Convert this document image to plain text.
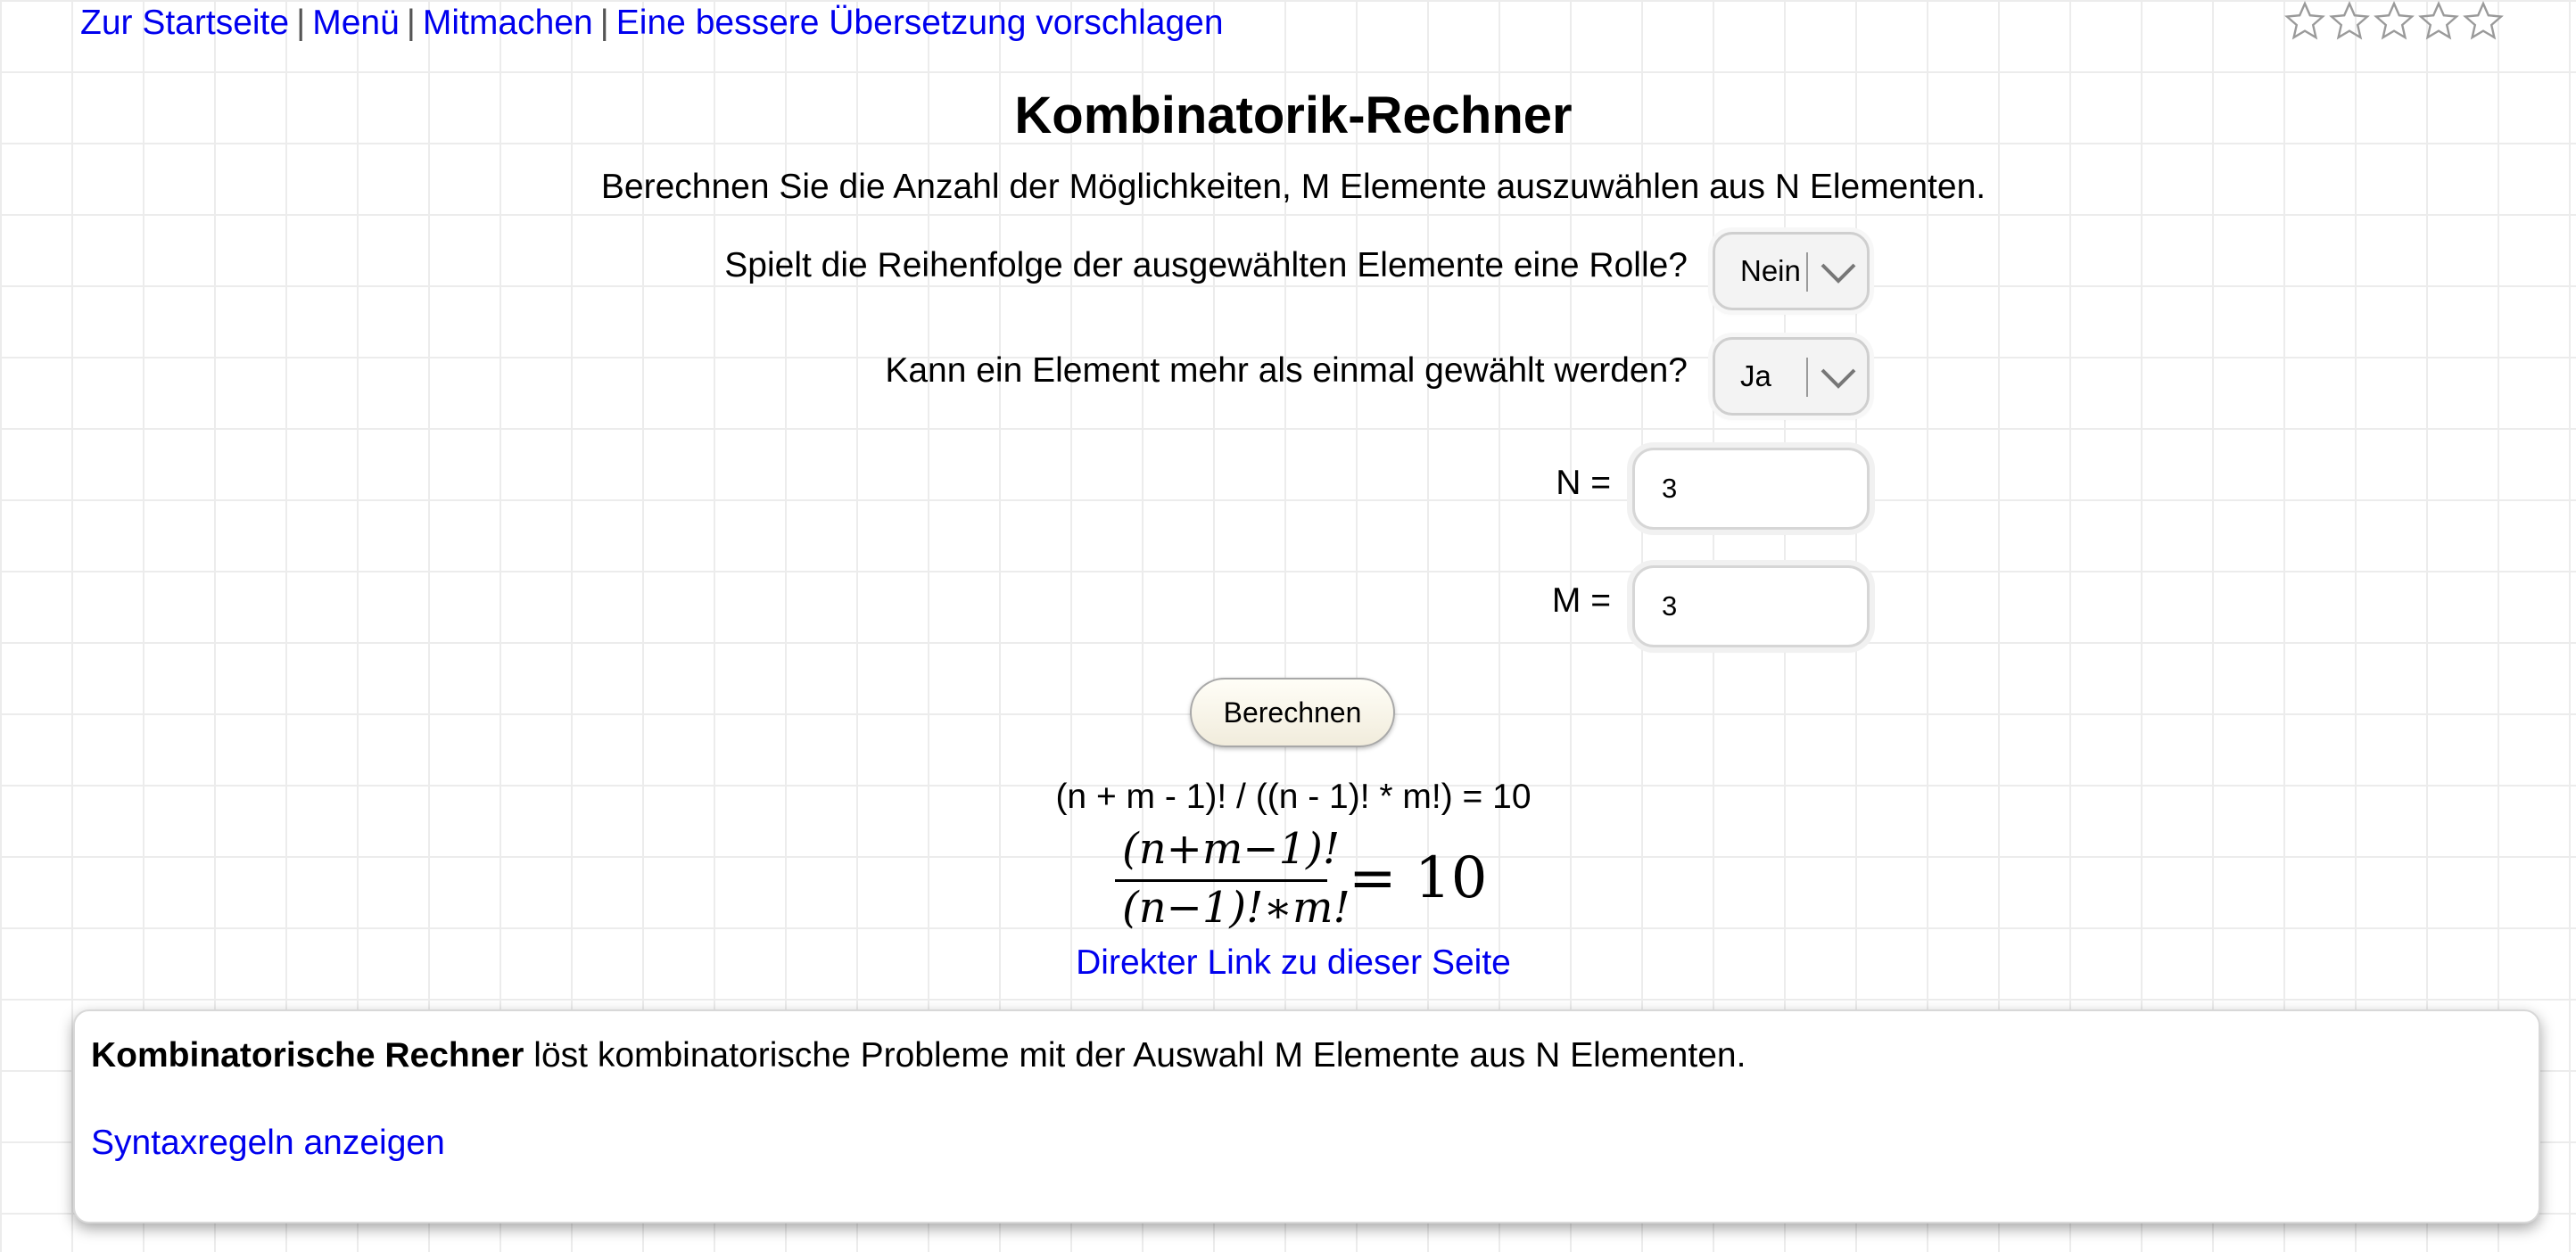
Zur Startseite | Menü | Mitmachen | Eine bessere Übersetzung vorschlagen
Kombinatorik-Rechner
Berechnen Sie die Anzahl der Möglichkeiten, M Elemente auszuwählen aus N Elementen.
Spielt die Reihenfolge der ausgewählten Elemente eine Rolle? Nein
Kann ein Element mehr als einmal gewählt werden? Ja
N =
3
M =
3
Berechnen
(n + m - 1)! / ((n - 1)! * m!) = 10
(n+m−1)!
(n−1)!∗m!
= 10
Direkter Link zu dieser Seite
Kombinatorische Rechner löst kombinatorische Probleme mit der Auswahl M Elemente aus N Elementen.
Syntaxregeln anzeigen
